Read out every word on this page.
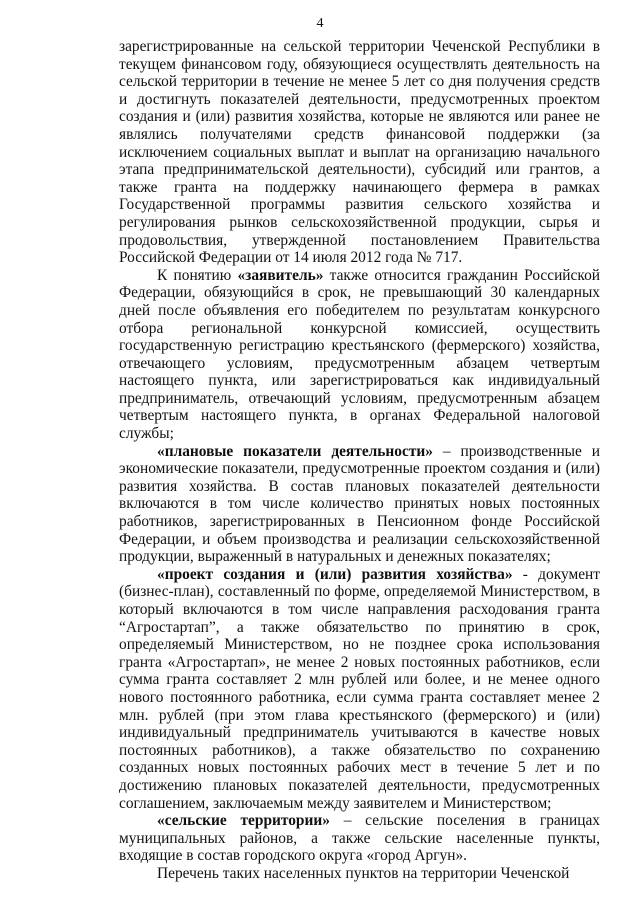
4

зарегистрированные на сельской территории Чеченской Республики в текущем финансовом году, обязующиеся осуществлять деятельность на сельской территории в течение не менее 5 лет со дня получения средств и достигнуть показателей деятельности, предусмотренных проектом создания и (или) развития хозяйства, которые не являются или ранее не являлись получателями средств финансовой поддержки (за исключением социальных выплат и выплат на организацию начального этапа предпринимательской деятельности), субсидий или грантов, а также гранта на поддержку начинающего фермера в рамках Государственной программы развития сельского хозяйства и регулирования рынков сельскохозяйственной продукции, сырья и продовольствия, утвержденной постановлением Правительства Российской Федерации от 14 июля 2012 года № 717.

К понятию «заявитель» также относится гражданин Российской Федерации, обязующийся в срок, не превышающий 30 календарных дней после объявления его победителем по результатам конкурсного отбора региональной конкурсной комиссией, осуществить государственную регистрацию крестьянского (фермерского) хозяйства, отвечающего условиям, предусмотренным абзацем четвертым настоящего пункта, или зарегистрироваться как индивидуальный предприниматель, отвечающий условиям, предусмотренным абзацем четвертым настоящего пункта, в органах Федеральной налоговой службы;

«плановые показатели деятельности» – производственные и экономические показатели, предусмотренные проектом создания и (или) развития хозяйства. В состав плановых показателей деятельности включаются в том числе количество принятых новых постоянных работников, зарегистрированных в Пенсионном фонде Российской Федерации, и объем производства и реализации сельскохозяйственной продукции, выраженный в натуральных и денежных показателях;

«проект создания и (или) развития хозяйства» - документ (бизнес-план), составленный по форме, определяемой Министерством, в который включаются в том числе направления расходования гранта “Агростартап”, а также обязательство по принятию в срок, определяемый Министерством, но не позднее срока использования гранта «Агростартап», не менее 2 новых постоянных работников, если сумма гранта составляет 2 млн рублей или более, и не менее одного нового постоянного работника, если сумма гранта составляет менее 2 млн. рублей (при этом глава крестьянского (фермерского) и (или) индивидуальный предприниматель учитываются в качестве новых постоянных работников), а также обязательство по сохранению созданных новых постоянных рабочих мест в течение 5 лет и по достижению плановых показателей деятельности, предусмотренных соглашением, заключаемым между заявителем и Министерством;

«сельские территории» – сельские поселения в границах муниципальных районов, а также сельские населенные пункты, входящие в состав городского округа «город Аргун».

Перечень таких населенных пунктов на территории Чеченской
